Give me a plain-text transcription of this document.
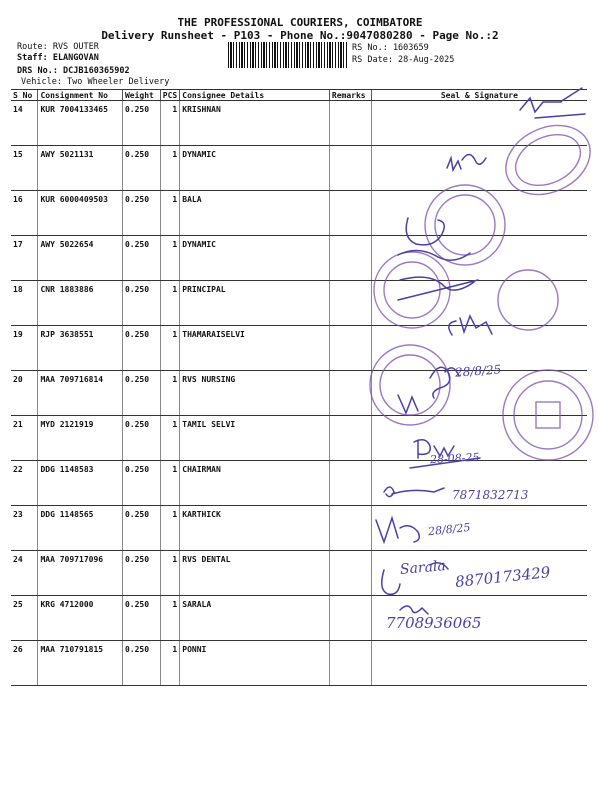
THE PROFESSIONAL COURIERS, COIMBATORE
Delivery Runsheet - P103 - Phone No.:9047080280 - Page No.:2
Route: RVS OUTER
Staff: ELANGOVAN
DRS No.: DCJB160365902
Vehicle: Two Wheeler Delivery
RS No.: 1603659
RS Date: 28-Aug-2025
S No	Consignment No	Weight	PCS	Consignee Details	Remarks	Seal & Signature
14	KUR 7004133465	0.250	1	KRISHNAN		
15	AWY 5021131	0.250	1	DYNAMIC		
16	KUR 6000409503	0.250	1	BALA		
17	AWY 5022654	0.250	1	DYNAMIC		
18	CNR 1883886	0.250	1	PRINCIPAL		
19	RJP 3638551	0.250	1	THAMARAISELVI		
20	MAA 709716814	0.250	1	RVS NURSING		
21	MYD 2121919	0.250	1	TAMIL SELVI		
22	DDG 1148583	0.250	1	CHAIRMAN		
23	DDG 1148565	0.250	1	KARTHICK		
24	MAA 709717096	0.250	1	RVS DENTAL		
25	KRG 4712000	0.250	1	SARALA		
26	MAA 710791815	0.250	1	PONNI		
28/8/25
28-08-25
7871832713
28/8/25
Sarala 8870173429
7708936065
